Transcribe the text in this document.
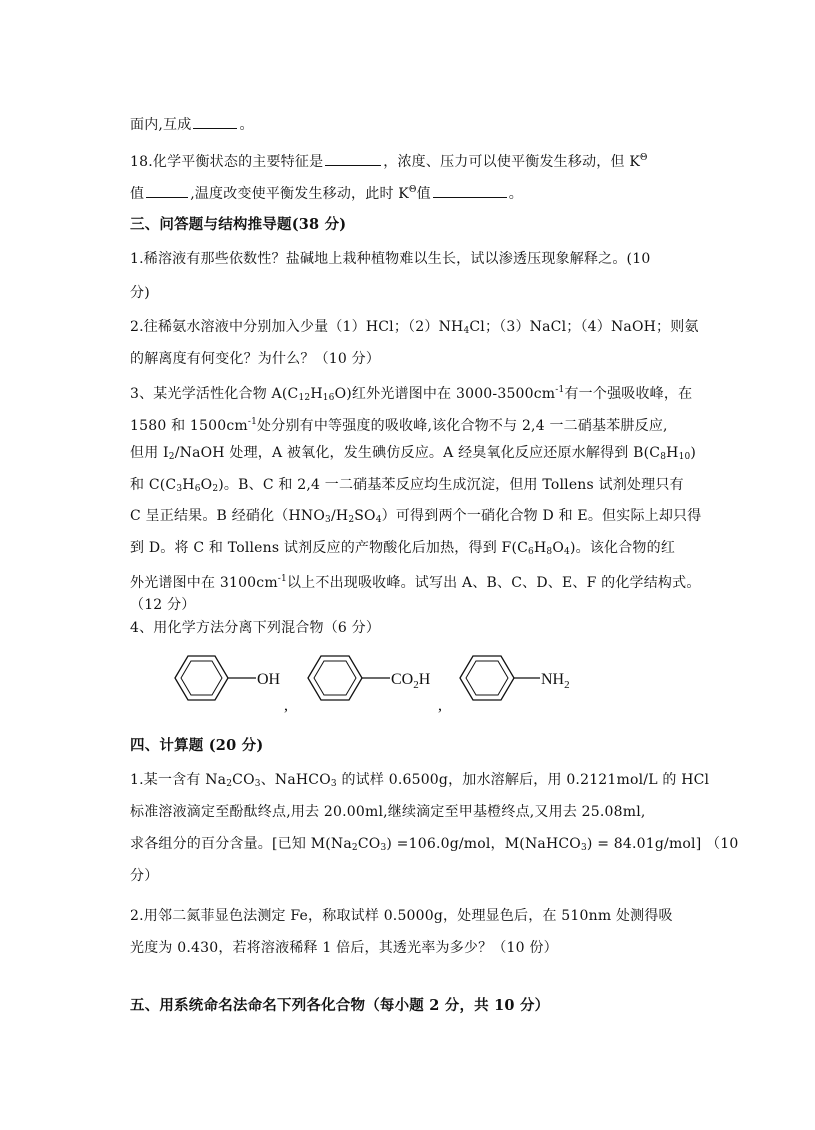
面内,互成	。
18.化学平衡状态的主要特征是	，浓度、压力可以使平衡发生移动，但 $K^\Theta$
值	,温度改变使平衡发生移动，此时 $K^\Theta$值	。
三、问答题与结构推导题(38 分)
1.稀溶液有那些依数性？盐碱地上栽种植物难以生长，试以渗透压现象解释之。(10
分)
2.往稀氨水溶液中分别加入少量（1）HCl；$(2)NH_4Cl$；（3）NaCl；（4）NaOH；则氨
的解离度有何变化？为什么？（10 分）
3、某光学活性化合物 $A(C_{12}H_{16}O)$红外光谱图中在 $3000-3500cm^{-1}$有一个强吸收峰，在
1580 和 $1500cm^{-1}$处分别有中等强度的吸收峰,该化合物不与 2,4 一二硝基苯肼反应,
但用 $I_2$/NaOH 处理，A 被氧化，发生碘仿反应。A 经臭氧化反应还原水解得到 $B(C_8H_{10})$
和 $C(C_3H_6O_2)$。B、C 和 2,4 一二硝基苯反应均生成沉淀，但用 Tollens 试剂处理只有
C 呈正结果。B 经硝化$(HNO_3/H_2SO_4)$可得到两个一硝化合物 D 和 E。但实际上却只得
到 D。将 C 和 Tollens 试剂反应的产物酸化后加热，得到 $F(C_6H_8O_4)$。该化合物的红
外光谱图中在 $3100cm^{-1}$以上不出现吸收峰。试写出 A、B、C、D、E、F 的化学结构式。
（12 分）
4、用化学方法分离下列混合物（6 分）
OH
,
$CO_2H$
,
$NH_2$
四、计算题 (20 分)
1.某一含有 $Na_2CO_3$、NaHCO$_3$ 的试样 0.6500g，加水溶解后，用 0.2121mol/L 的 HCl
标准溶液滴定至酚酞终点,用去 20.00ml,继续滴定至甲基橙终点,又用去 25.08ml,
求各组分的百分含量。[已知 $M(Na_2CO_3) =106.0g/mol$，M(NaHCO$_3$) = 84.01g/mol] （10
分）
2.用邻二氮菲显色法测定 Fe，称取试样 0.5000g，处理显色后，在 510nm 处测得吸
光度为 0.430，若将溶液稀释 1 倍后，其透光率为多少？（10 份）
五、用系统命名法命名下列各化合物（每小题 2 分，共 10 分）
